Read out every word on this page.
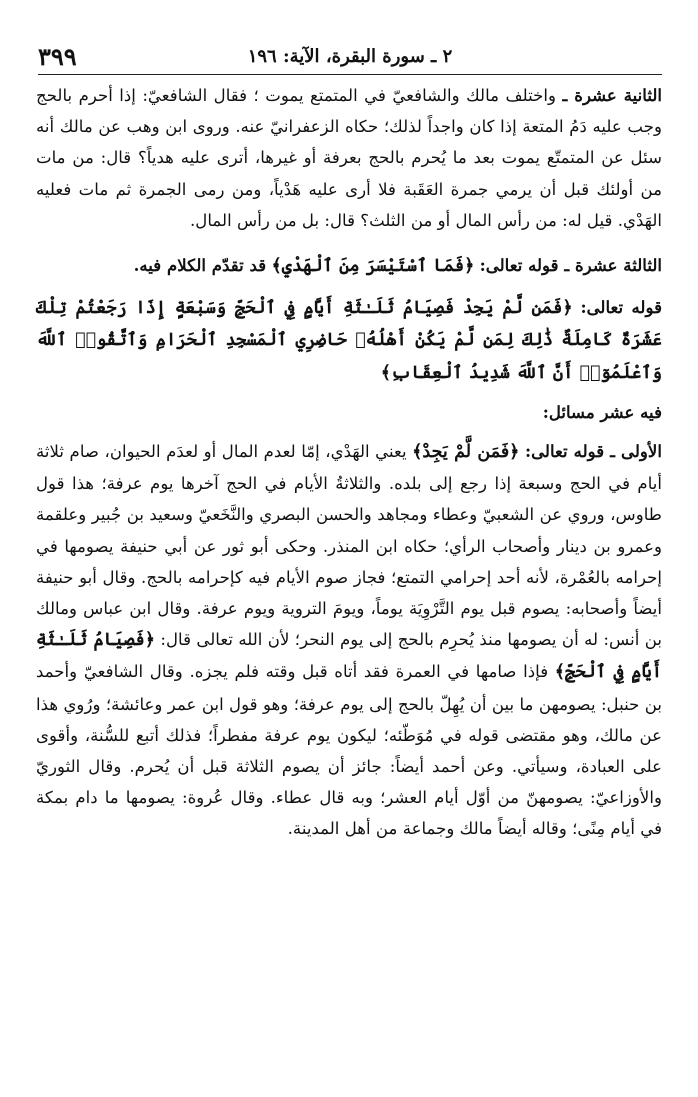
٣٩٩	٢ ـ سورة البقرة، الآية: ١٩٦

الثانية عشرة ـ واختلف مالك والشافعيّ في المتمتع يموت ؛ فقال الشافعيّ: إذا أحرم بالحج وجب عليه دَمُ المتعة إذا كان واجداً لذلك؛ حكاه الزعفرانيّ عنه. وروى ابن وهب عن مالك أنه سئل عن المتمتّع يموت بعد ما يُحرم بالحج بعرفة أو غيرها، أترى عليه هدياً؟ قال: من مات من أولئك قبل أن يرمي جمرة العَقَبة فلا أرى عليه هَدْياً، ومن رمى الجمرة ثم مات فعليه الهَدْي. قيل له: من رأس المال أو من الثلث؟ قال: بل من رأس المال.

الثالثة عشرة ـ قوله تعالى: ﴿فَمَا ٱسْتَيْسَرَ مِنَ ٱلْهَدْيِ﴾ قد تقدّم الكلام فيه.

قوله تعالى: ﴿فَمَن لَّمْ يَجِدْ فَصِيَامُ ثَلَـٰثَةِ أَيَّامٍ فِي ٱلْحَجِّ وَسَبْعَةٍ إِذَا رَجَعْتُمْ تِلْكَ عَشَرَةٌ كَامِلَةٌ ذَٰلِكَ لِمَن لَّمْ يَكُنْ أَهْلُهُۥ حَاضِرِي ٱلْمَسْجِدِ ٱلْحَرَامِ وَٱتَّقُوا۟ ٱللَّهَ وَٱعْلَمُوٓا۟ أَنَّ ٱللَّهَ شَدِيدُ ٱلْعِقَابِ﴾

فيه عشر مسائل:

الأولى ـ قوله تعالى: ﴿فَمَن لَّمْ يَجِدْ﴾ يعني الهَدْي، إمّا لعدم المال أو لعدَم الحيوان، صام ثلاثة أيام في الحج وسبعة إذا رجع إلى بلده. والثلاثةُ الأيام في الحج آخرها يوم عرفة؛ هذا قول طاوس، وروي عن الشعبيّ وعطاء ومجاهد والحسن البصري والنَّخَعيّ وسعيد بن جُبير وعلقمة وعمرو بن دينار وأصحاب الرأي؛ حكاه ابن المنذر. وحكى أبو ثور عن أبي حنيفة يصومها في إحرامه بالعُمْرة، لأنه أحد إحرامي التمتع؛ فجاز صوم الأيام فيه كإحرامه بالحج. وقال أبو حنيفة أيضاً وأصحابه: يصوم قبل يوم التَّرْوِيَة يوماً، ويومَ التروية ويوم عرفة. وقال ابن عباس ومالك بن أنس: له أن يصومها منذ يُحرِم بالحج إلى يوم النحر؛ لأن الله تعالى قال: ﴿فَصِيَامُ ثَلَـٰثَةِ أَيَّامٍ فِي ٱلْحَجِّ﴾ فإذا صامها في العمرة فقد أتاه قبل وقته فلم يجزه. وقال الشافعيّ وأحمد بن حنبل: يصومهن ما بين أن يُهِلّ بالحج إلى يوم عرفة؛ وهو قول ابن عمر وعائشة؛ ورُوي هذا عن مالك، وهو مقتضى قوله في مُوَطّئه؛ ليكون يوم عرفة مفطراً؛ فذلك أتبع للسُّنة، وأقوى على العبادة، وسيأتي. وعن أحمد أيضاً: جائز أن يصوم الثلاثة قبل أن يُحرم. وقال الثوريّ والأوزاعيّ: يصومهنّ من أوّل أيام العشر؛ وبه قال عطاء. وقال عُروة: يصومها ما دام بمكة في أيام مِنًى؛ وقاله أيضاً مالك وجماعة من أهل المدينة.
